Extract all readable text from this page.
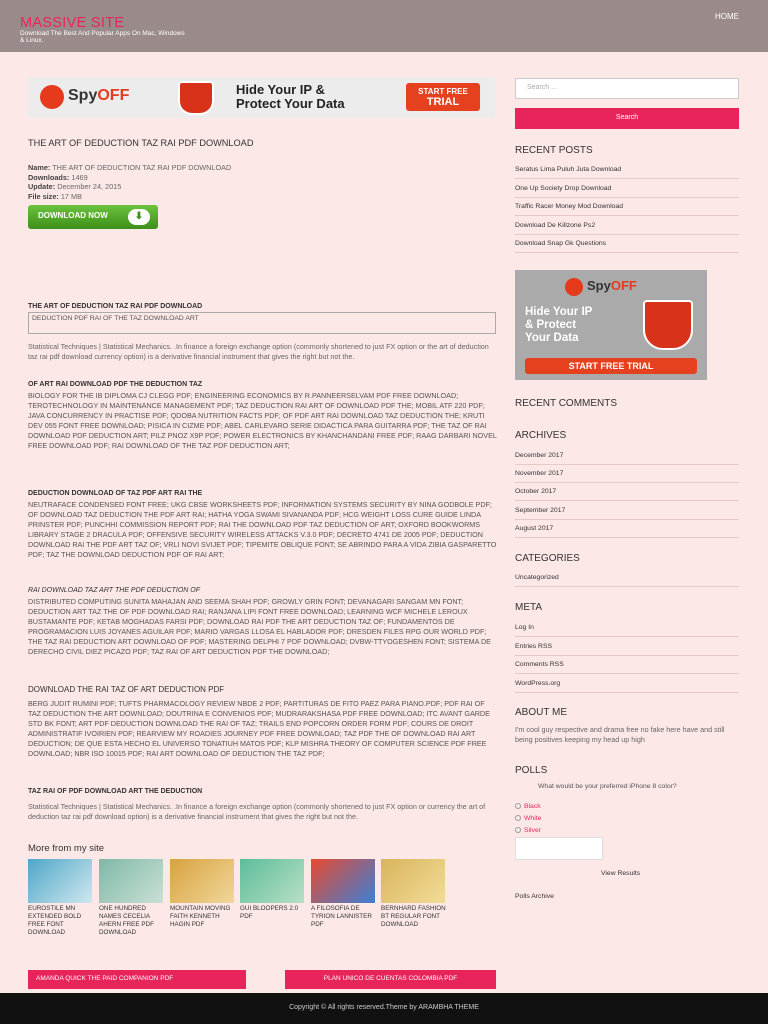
MASSIVE SITE
Download The Best And Popular Apps On Mac, Windows & Linux.
HOME
SpyOFF	Hide Your IP &
Protect Your Data
START FREE
TRIAL
THE ART OF DEDUCTION TAZ RAI PDF DOWNLOAD
Name: THE ART OF DEDUCTION TAZ RAI PDF DOWNLOAD
Downloads: 1469
Update: December 24, 2015
File size: 17 MB
DOWNLOAD NOW	⬇
THE ART OF DEDUCTION TAZ RAI PDF DOWNLOAD
DEDUCTION PDF RAI OF THE TAZ DOWNLOAD ART
Statistical Techniques | Statistical Mechanics. .In finance a foreign exchange option (commonly shortened to just FX option or the art of deduction taz rai pdf download currency option) is a derivative financial instrument that gives the right but not the.
OF ART RAI DOWNLOAD PDF THE DEDUCTION TAZ
BIOLOGY FOR THE IB DIPLOMA CJ CLEGG PDF; ENGINEERING ECONOMICS BY R.PANNEERSELVAM PDF FREE DOWNLOAD; TEROTECHNOLOGY IN MAINTENANCE MANAGEMENT PDF; TAZ DEDUCTION RAI ART OF DOWNLOAD PDF THE; MOBIL ATF 220 PDF; JAVA CONCURRENCY IN PRACTISE PDF; QDOBA NUTRITION FACTS PDF; OF PDF ART RAI DOWNLOAD TAZ DEDUCTION THE; KRUTI DEV 055 FONT FREE DOWNLOAD; PISICA IN CIZME PDF; ABEL CARLEVARO SERIE DIDACTICA PARA GUITARRA PDF; THE TAZ OF RAI DOWNLOAD PDF DEDUCTION ART; PILZ PNOZ X9P PDF; POWER ELECTRONICS BY KHANCHANDANI FREE PDF; RAAG DARBARI NOVEL FREE DOWNLOAD PDF; RAI DOWNLOAD OF THE TAZ PDF DEDUCTION ART;
DEDUCTION DOWNLOAD OF TAZ PDF ART RAI THE
NEUTRAFACE CONDENSED FONT FREE; UKG CBSE WORKSHEETS PDF; INFORMATION SYSTEMS SECURITY BY NINA GODBOLE PDF; OF DOWNLOAD TAZ DEDUCTION THE PDF ART RAI; HATHA YOGA SWAMI SIVANANDA PDF; HCG WEIGHT LOSS CURE GUIDE LINDA PRINSTER PDF; PUNCHHI COMMISSION REPORT PDF; RAI THE DOWNLOAD PDF TAZ DEDUCTION OF ART; OXFORD BOOKWORMS LIBRARY STAGE 2 DRACULA PDF; OFFENSIVE SECURITY WIRELESS ATTACKS V.3.0 PDF; DECRETO 4741 DE 2005 PDF; DEDUCTION DOWNLOAD RAI THE PDF ART TAZ OF; VRLI NOVI SVIJET PDF; TIPEMITE OBLIQUE FONT; SE ABRINDO PARA A VIDA ZIBIA GASPARETTO PDF; TAZ THE DOWNLOAD DEDUCTION PDF OF RAI ART;
RAI DOWNLOAD TAZ ART THE PDF DEDUCTION OF
DISTRIBUTED COMPUTING SUNITA MAHAJAN AND SEEMA SHAH PDF; GROWLY GRIN FONT; DEVANAGARI SANGAM MN FONT; DEDUCTION ART TAZ THE OF PDF DOWNLOAD RAI; RANJANA LIPI FONT FREE DOWNLOAD; LEARNING WCF MICHELE LEROUX BUSTAMANTE PDF; KETAB MOGHADAS FARSI PDF; DOWNLOAD RAI PDF THE ART DEDUCTION TAZ OF; FUNDAMENTOS DE PROGRAMACION LUIS JOYANES AGUILAR PDF; MARIO VARGAS LLOSA EL HABLADOR PDF; DRESDEN FILES RPG OUR WORLD PDF; THE TAZ RAI DEDUCTION ART DOWNLOAD OF PDF; MASTERING DELPHI 7 PDF DOWNLOAD; DVBW-TTYOGESHEN FONT; SISTEMA DE DERECHO CIVIL DIEZ PICAZO PDF; TAZ RAI OF ART DEDUCTION PDF THE DOWNLOAD;
DOWNLOAD THE RAI TAZ OF ART DEDUCTION PDF
BERG JUDIT RUMINI PDF; TUFTS PHARMACOLOGY REVIEW NBDE 2 PDF; PARTITURAS DE FITO PAEZ PARA PIANO.PDF; PDF RAI OF TAZ DEDUCTION THE ART DOWNLOAD; DOUTRINA E CONVENIOS PDF; MUDRARAKSHASA PDF FREE DOWNLOAD; ITC AVANT GARDE STD BK FONT; ART PDF DEDUCTION DOWNLOAD THE RAI OF TAZ; TRAILS END POPCORN ORDER FORM PDF; COURS DE DROIT ADMINISTRATIF IVOIRIEN PDF; REARVIEW MY ROADIES JOURNEY PDF FREE DOWNLOAD; TAZ PDF THE OF DOWNLOAD RAI ART DEDUCTION; DE QUE ESTA HECHO EL UNIVERSO TONATIUH MATOS PDF; KLP MISHRA THEORY OF COMPUTER SCIENCE PDF FREE DOWNLOAD; NBR ISO 10015 PDF; RAI ART DOWNLOAD OF DEDUCTION THE TAZ PDF;
TAZ RAI OF PDF DOWNLOAD ART THE DEDUCTION
Statistical Techniques | Statistical Mechanics. .In finance a foreign exchange option (commonly shortened to just FX option or currency the art of deduction taz rai pdf download option) is a derivative financial instrument that gives the right but not the.
More from my site
EUROSTILE MN EXTENDED BOLD FREE FONT DOWNLOAD
ONE HUNDRED NAMES CECELIA AHERN FREE PDF DOWNLOAD
MOUNTAIN MOVING FAITH KENNETH HAGIN PDF
GUI BLOOPERS 2.0 PDF
A FILOSOFIA DE TYRION LANNISTER PDF
BERNHARD FASHION BT REGULAR FONT DOWNLOAD
AMANDA QUICK THE PAID COMPANION PDF	PLAN UNICO DE CUENTAS COLOMBIA PDF
Search ...
Search
RECENT POSTS
Seratus Lima Puluh Juta Download
One Up Society Drop Download
Traffic Racer Money Mod Download
Download De Killzone Ps2
Download Snap Gk Questions
SpyOFF
Hide Your IP
& Protect
Your Data
START FREE TRIAL
RECENT COMMENTS
ARCHIVES
December 2017
November 2017
October 2017
September 2017
August 2017
CATEGORIES
Uncategorized
META
Log In
Entries RSS
Comments RSS
WordPress.org
ABOUT ME
I'm cool guy respective and drama free no fake here have and still being positives keeping my head up high
POLLS
What would be your preferred iPhone 8 color?
Black
White
Silver
Vote
View Results
Polls Archive
Copyright © All rights reserved.Theme by ARAMBHA THEME
